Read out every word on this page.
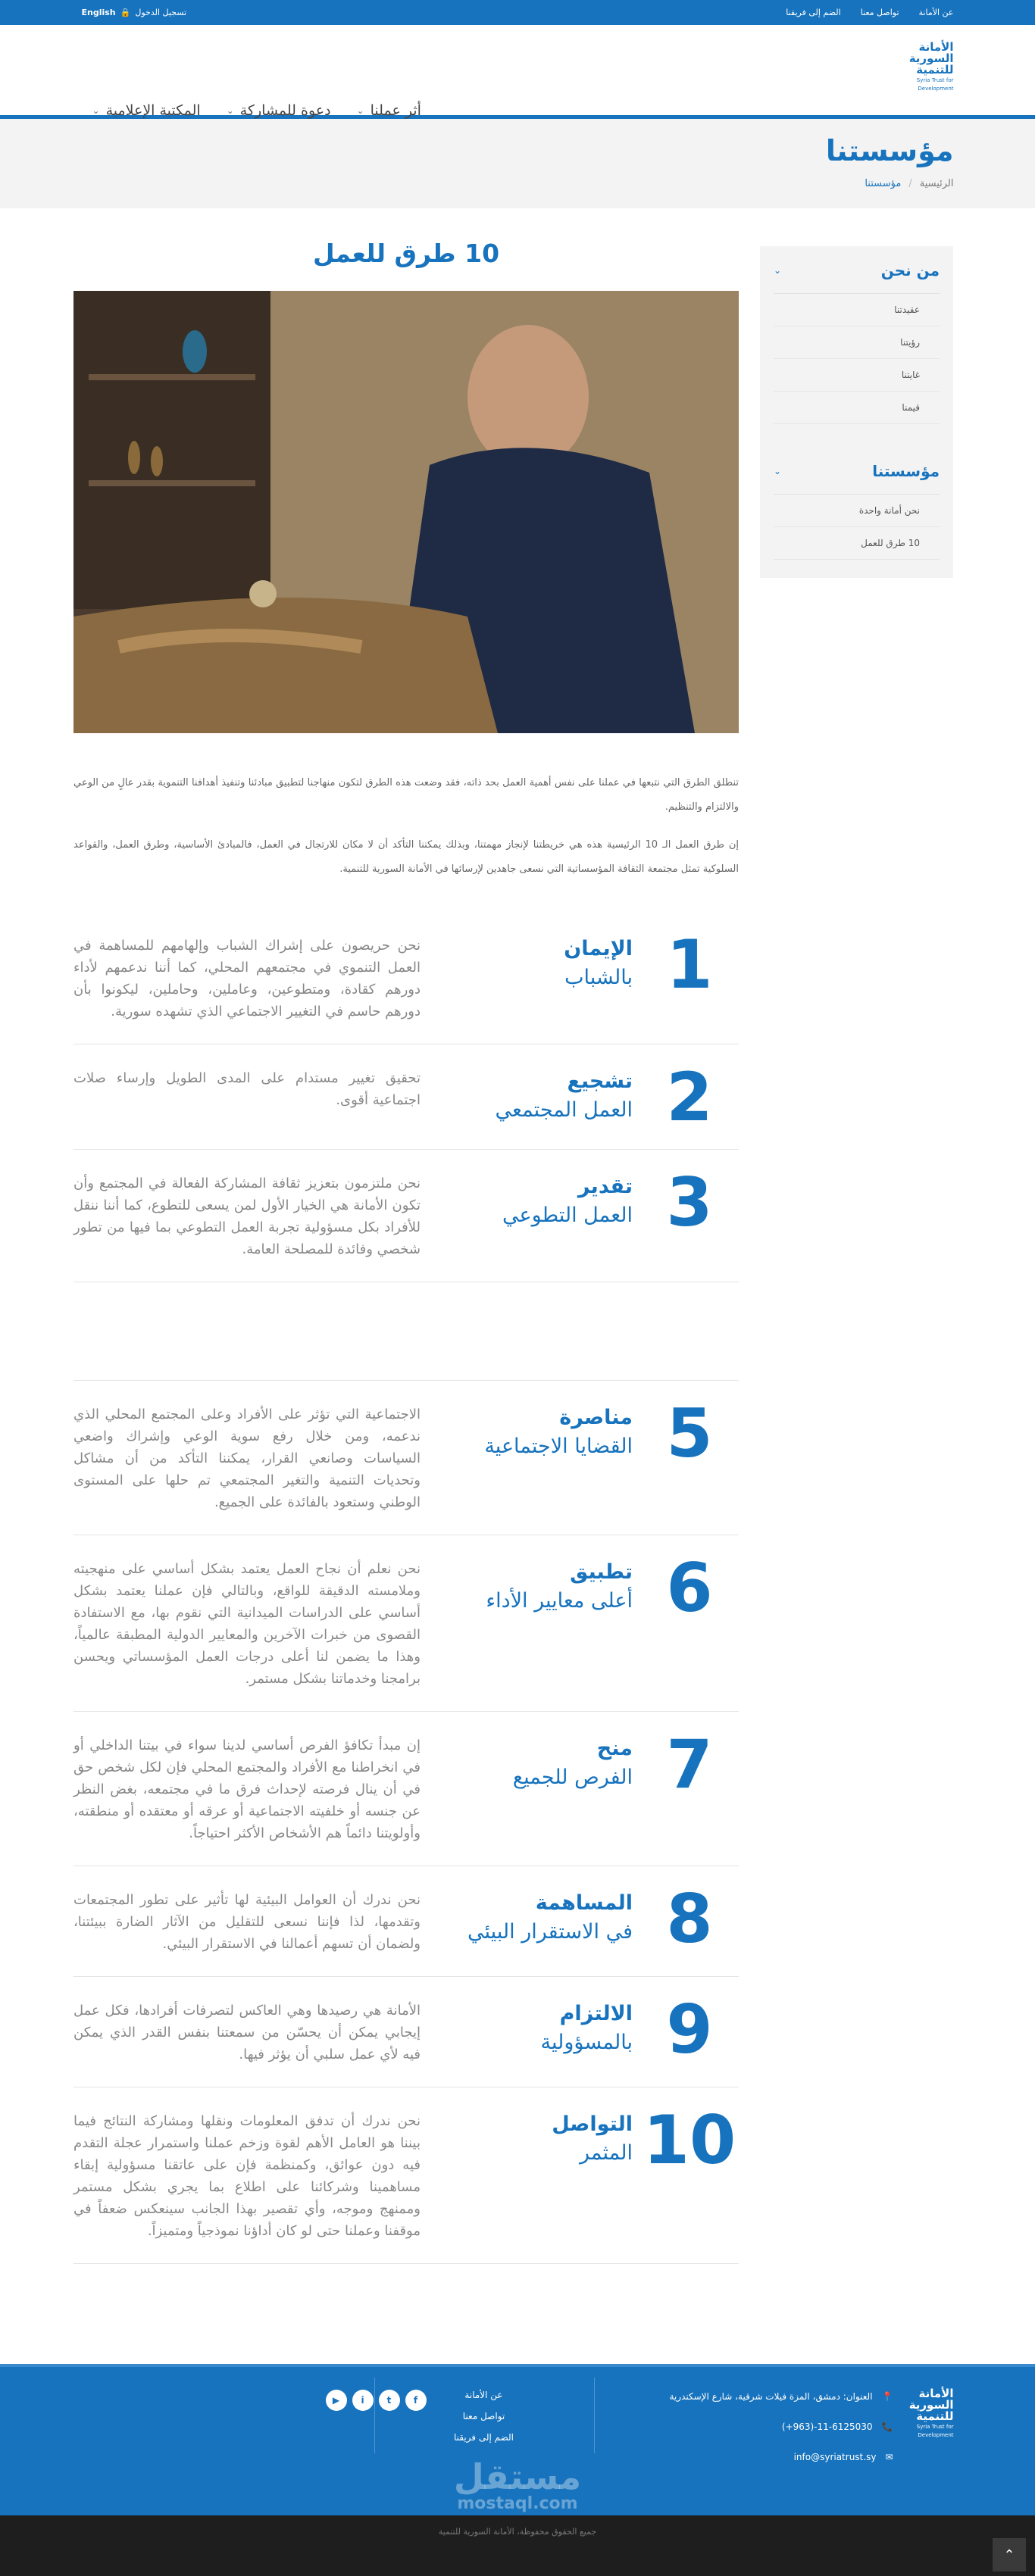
عن الأمانة
تواصل معنا
الضم إلى فريقنا
تسجيل الدخول
🔒
English
الأمانة
السورية
للتنمية
Syria Trust for
Development
المكتبة الإعلامية
⌄	دعوة للمشاركة
⌄	أثر عملنا
⌄
مؤسستنا
الرئيسية
/
مؤسستنا
من نحن
⌄
عقيدتنا
رؤيتنا
غايتنا
قيمنا
مؤسستنا
⌄
نحن أمانة واحدة
10 طرق للعمل
10 طرق للعمل

تنطلق الطرق التي نتبعها في عملنا على نفس أهمية العمل بحد ذاته، فقد وضعت هذه الطرق لتكون منهاجنا لتطبيق مبادئنا وتنفيذ أهدافنا التنموية بقدر عالٍ من الوعي والالتزام والتنظيم.

إن طرق العمل الـ 10 الرئيسية هذه هي خريطتنا لإنجاز مهمتنا، وبذلك يمكننا التأكد أن لا مكان للارتجال في العمل، فالمبادئ الأساسية، وطرق العمل، والقواعد السلوكية تمثل مجتمعة الثقافة المؤسساتية التي نسعى جاهدين لإرسائها في الأمانة السورية للتنمية.

1
الإيمان
بالشباب
نحن حريصون على إشراك الشباب وإلهامهم للمساهمة في العمل التنموي في مجتمعهم المحلي، كما أننا ندعمهم لأداء دورهم كقادة، ومتطوعين، وعاملين، وحاملين، ليكونوا بأن دورهم حاسم في التغيير الاجتماعي الذي تشهده سورية.
2
تشجيع
العمل المجتمعي
تحقيق تغيير مستدام على المدى الطويل وإرساء صلات اجتماعية أقوى.
3
تقدير
العمل التطوعي
نحن ملتزمون بتعزيز ثقافة المشاركة الفعالة في المجتمع وأن تكون الأمانة هي الخيار الأول لمن يسعى للتطوع، كما أننا ننقل للأفراد بكل مسؤولية تجربة العمل التطوعي بما فيها من تطور شخصي وفائدة للمصلحة العامة.
5
مناصرة
القضايا الاجتماعية
الاجتماعية التي تؤثر على الأفراد وعلى المجتمع المحلي الذي ندعمه، ومن خلال رفع سوية الوعي وإشراك واضعي السياسات وصانعي القرار، يمكننا التأكد من أن مشاكل وتحديات التنمية والتغير المجتمعي تم حلها على المستوى الوطني وستعود بالفائدة على الجميع.
6
تطبيق
أعلى معايير الأداء
نحن نعلم أن نجاح العمل يعتمد بشكل أساسي على منهجيته وملامسته الدقيقة للواقع، وبالتالي فإن عملنا يعتمد بشكل أساسي على الدراسات الميدانية التي نقوم بها، مع الاستفادة القصوى من خبرات الآخرين والمعايير الدولية المطبقة عالمياً، وهذا ما يضمن لنا أعلى درجات العمل المؤسساتي ويحسن برامجنا وخدماتنا بشكل مستمر.
7
منح
الفرص للجميع
إن مبدأ تكافؤ الفرص أساسي لدينا سواء في بيتنا الداخلي أو في انخراطنا مع الأفراد والمجتمع المحلي فإن لكل شخص حق في أن ينال فرصته لإحداث فرق ما في مجتمعه، بغض النظر عن جنسه أو خلفيته الاجتماعية أو عرقه أو معتقده أو منطقته، وأولويتنا دائماً هم الأشخاص الأكثر احتياجاً.
8
المساهمة
في الاستقرار البيئي
نحن ندرك أن العوامل البيئية لها تأثير على تطور المجتمعات وتقدمها، لذا فإننا نسعى للتقليل من الآثار الضارة ببيئتنا، ولضمان أن تسهم أعمالنا في الاستقرار البيئي.
9
الالتزام
بالمسؤولية
الأمانة هي رصيدها وهي العاكس لتصرفات أفرادها، فكل عمل إيجابي يمكن أن يحسّن من سمعتنا بنفس القدر الذي يمكن فيه لأي عمل سلبي أن يؤثر فيها.
10
التواصل
المثمر
نحن ندرك أن تدفق المعلومات ونقلها ومشاركة النتائج فيما بيننا هو العامل الأهم لقوة وزخم عملنا واستمرار عجلة التقدم فيه دون عوائق، وكمنظمة فإن على عاتقنا مسؤولية إبقاء مساهمينا وشركائنا على اطلاع بما يجري بشكل مستمر وممنهج وموجه، وأي تقصير بهذا الجانب سينعكس ضعفاً في موقفنا وعملنا حتى لو كان أداؤنا نموذجياً ومتميزاً.
الأمانة
السورية
للتنمية
Syria Trust for
Development
📍
العنوان: دمشق، المزة فيلات شرقية، شارع الإسكندرية
📞
(+963)-11-6125030
✉
info@syriatrust.sy
عن الأمانة
تواصل معنا
الضم إلى فريقنا
f
t
i
▶
مستقل
mostaql.com
جميع الحقوق محفوظة، الأمانة السورية للتنمية
⌃
